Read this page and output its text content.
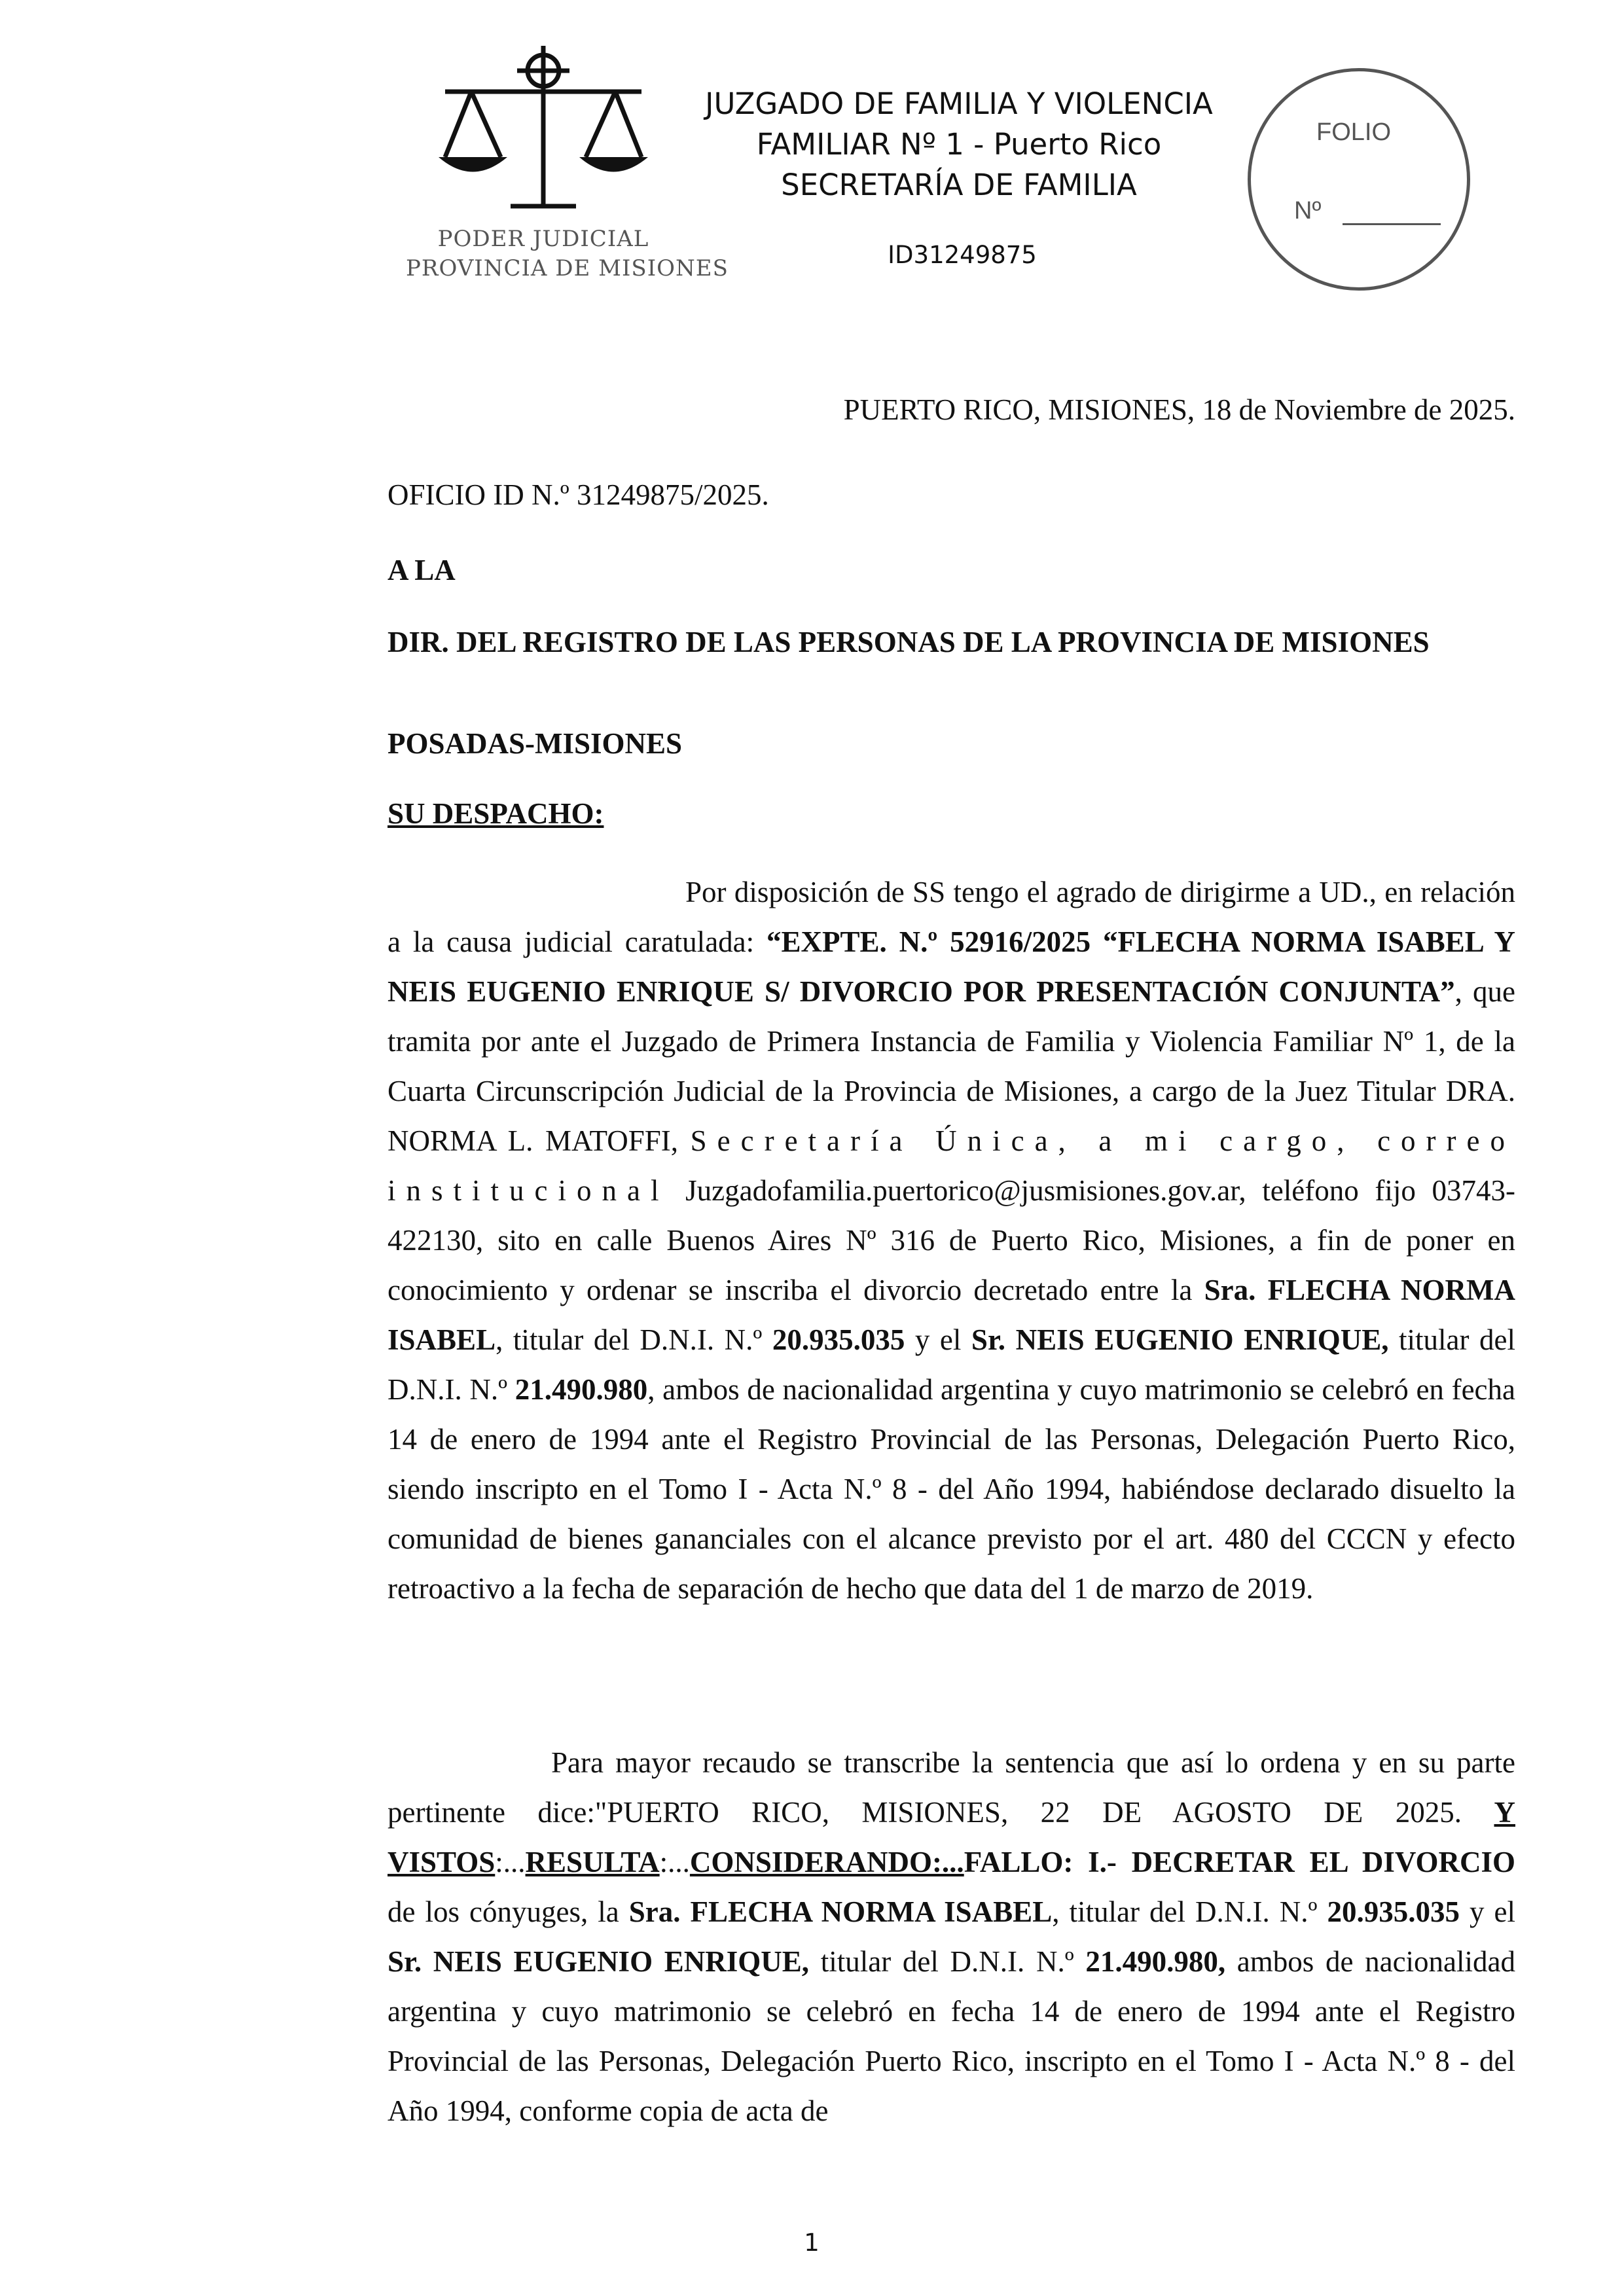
PODER JUDICIAL
PROVINCIA DE MISIONES
JUZGADO DE FAMILIA Y VIOLENCIA
FAMILIAR Nº 1 - Puerto Rico
SECRETARÍA DE FAMILIA
ID31249875
FOLIO
Nº
PUERTO RICO, MISIONES, 18 de Noviembre de 2025.
OFICIO ID N.º 31249875/2025.
A LA
DIR. DEL REGISTRO DE LAS PERSONAS DE LA PROVINCIA DE MISIONES
POSADAS-MISIONES
SU DESPACHO:

Por disposición de SS tengo el agrado de dirigirme a UD., en relación a la causa judicial caratulada: “EXPTE. N.º 52916/2025 “FLECHA NORMA ISABEL Y NEIS EUGENIO ENRIQUE S/ DIVORCIO POR PRESENTACIÓN CONJUNTA”, que tramita por ante el Juzgado de Primera Instancia de Familia y Violencia Familiar Nº 1, de la Cuarta Circunscripción Judicial de la Provincia de Misiones, a cargo de la Juez Titular DRA. NORMA L. MATOFFI, Secretaría Única, a mi cargo, correo institucional Juzgadofamilia.puertorico@jusmisiones.gov.ar, teléfono fijo 03743-422130, sito en calle Buenos Aires Nº 316 de Puerto Rico, Misiones, a fin de poner en conocimiento y ordenar se inscriba el divorcio decretado entre la Sra. FLECHA NORMA ISABEL, titular del D.N.I. N.º 20.935.035 y el Sr. NEIS EUGENIO ENRIQUE, titular del D.N.I. N.º 21.490.980, ambos de nacionalidad argentina y cuyo matrimonio se celebró en fecha 14 de enero de 1994 ante el Registro Provincial de las Personas, Delegación Puerto Rico, siendo inscripto en el Tomo I - Acta N.º 8 - del Año 1994, habiéndose declarado disuelto la comunidad de bienes gananciales con el alcance previsto por el art. 480 del CCCN y efecto retroactivo a la fecha de separación de hecho que data del 1 de marzo de 2019.

Para mayor recaudo se transcribe la sentencia que así lo ordena y en su parte pertinente dice:"PUERTO RICO, MISIONES, 22 DE AGOSTO DE 2025. Y VISTOS:...RESULTA:...CONSIDERANDO:...FALLO: I.- DECRETAR EL DIVORCIO de los cónyuges, la Sra. FLECHA NORMA ISABEL, titular del D.N.I. N.º 20.935.035 y el Sr. NEIS EUGENIO ENRIQUE, titular del D.N.I. N.º 21.490.980, ambos de nacionalidad argentina y cuyo matrimonio se celebró en fecha 14 de enero de 1994 ante el Registro Provincial de las Personas, Delegación Puerto Rico, inscripto en el Tomo I - Acta N.º 8 - del Año 1994, conforme copia de acta de

1
